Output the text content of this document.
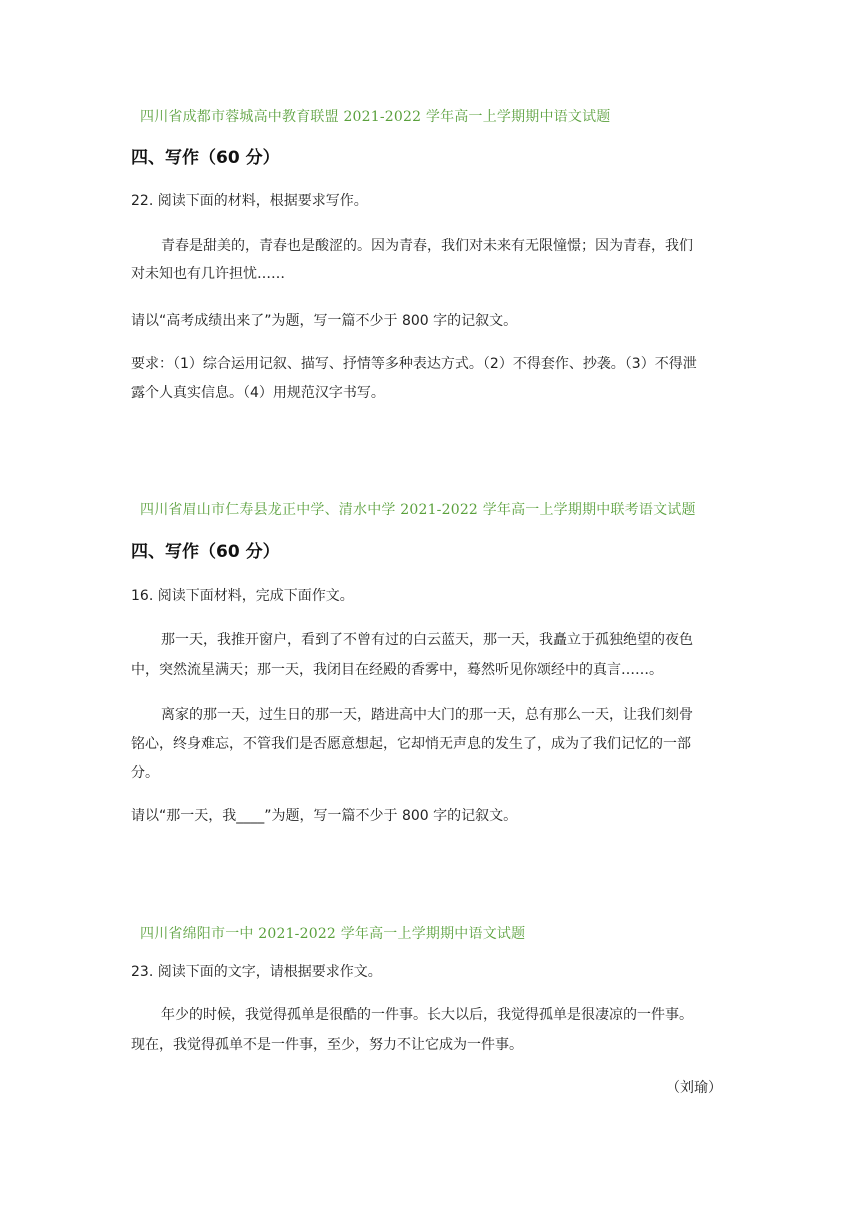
四川省成都市蓉城高中教育联盟 2021-2022 学年高一上学期期中语文试题
四、写作（60 分）
22. 阅读下面的材料，根据要求写作。
青春是甜美的，青春也是酸涩的。因为青春，我们对未来有无限憧憬；因为青春，我们
对未知也有几许担忧……
请以“高考成绩出来了”为题，写一篇不少于 800 字的记叙文。
要求：（1）综合运用记叙、描写、抒情等多种表达方式。（2）不得套作、抄袭。（3）不得泄
露个人真实信息。（4）用规范汉字书写。
四川省眉山市仁寿县龙正中学、清水中学 2021-2022 学年高一上学期期中联考语文试题
四、写作（60 分）
16. 阅读下面材料，完成下面作文。
那一天，我推开窗户，看到了不曾有过的白云蓝天，那一天，我矗立于孤独绝望的夜色
中，突然流星满天；那一天，我闭目在经殿的香雾中，蓦然听见你颂经中的真言……。
离家的那一天，过生日的那一天，踏进高中大门的那一天，总有那么一天，让我们刻骨
铭心，终身难忘，不管我们是否愿意想起，它却悄无声息的发生了，成为了我们记忆的一部
分。
请以“那一天，我____”为题，写一篇不少于 800 字的记叙文。
四川省绵阳市一中 2021-2022 学年高一上学期期中语文试题
23. 阅读下面的文字，请根据要求作文。
年少的时候，我觉得孤单是很酷的一件事。长大以后，我觉得孤单是很凄凉的一件事。
现在，我觉得孤单不是一件事，至少，努力不让它成为一件事。
（刘瑜）
